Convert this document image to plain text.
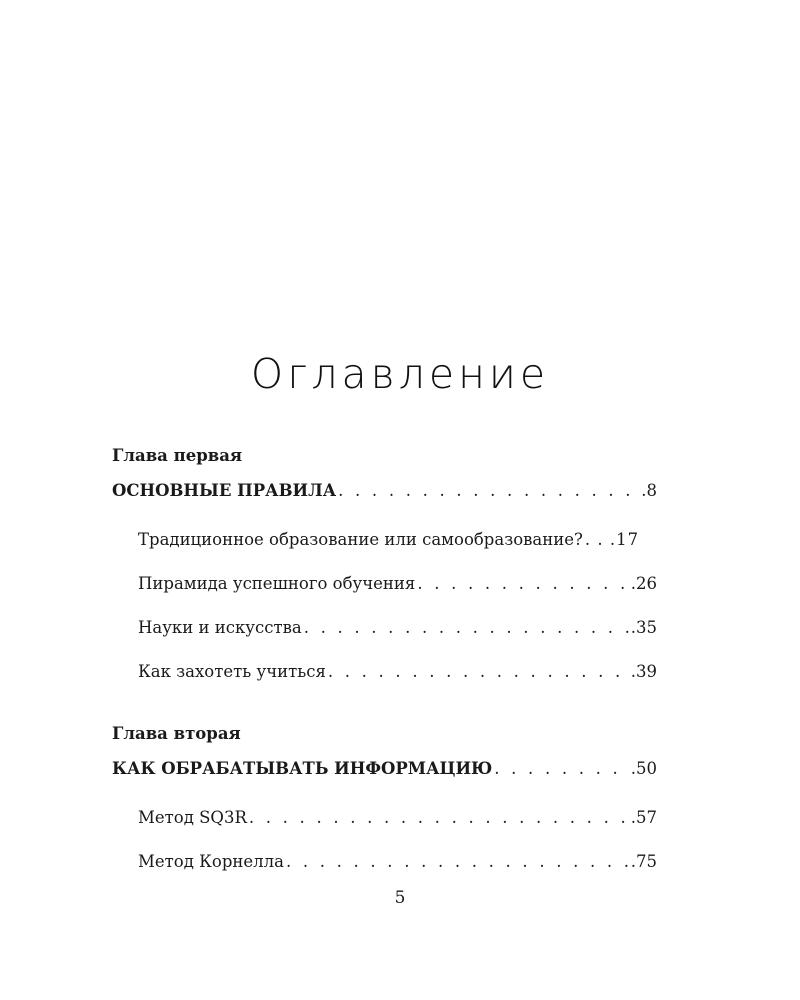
Оглавление
Глава первая
ОСНОВНЫЕ ПРАВИЛА . . .	.8
Традиционное образование или самообразование? . . .17
Пирамида успешного обучения . . .	.26
Науки и искусства . . .	.35
Как захотеть учиться . . .	.39
Глава вторая
КАК ОБРАБАТЫВАТЬ ИНФОРМАЦИЮ . . .	.50
Метод SQ3R . . .	.57
Метод Корнелла . . .	.75
5
